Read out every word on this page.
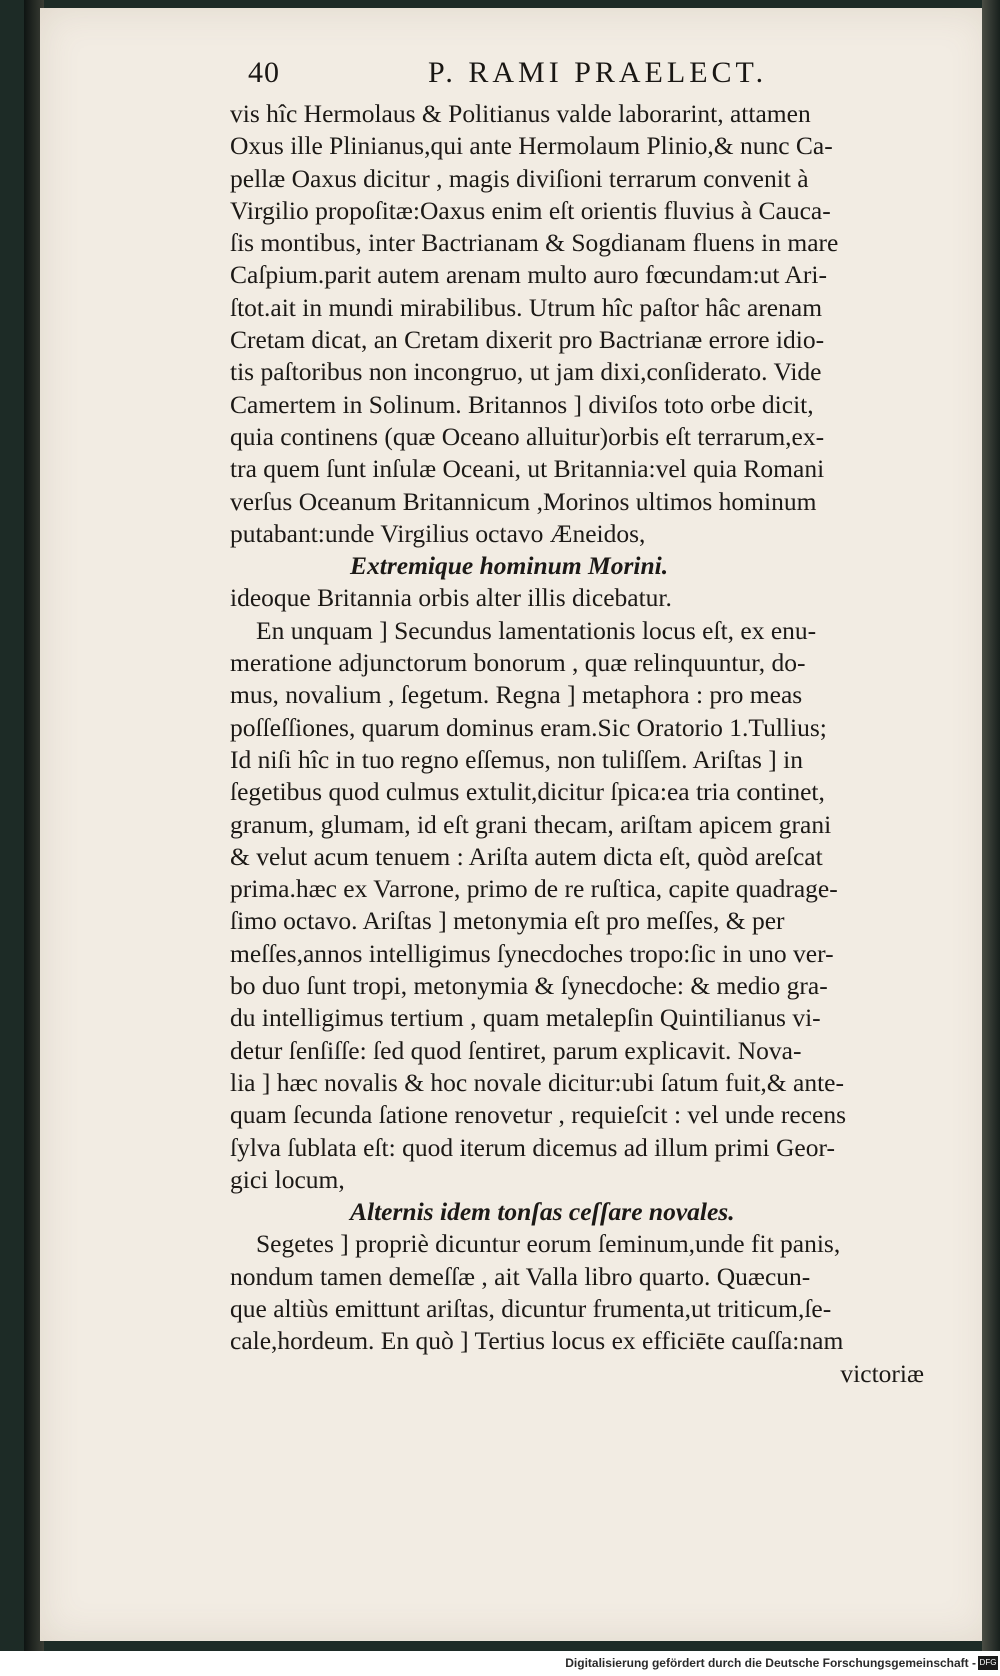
40	P. RAMI PRAELECT.
vis hîc Hermolaus & Politianus valde laborarint, attamen
Oxus ille Plinianus,qui ante Hermolaum Plinio,& nunc Ca-
pellæ Oaxus dicitur , magis diviſioni terrarum convenit à
Virgilio propoſitæ:Oaxus enim eſt orientis fluvius à Cauca-
ſis montibus, inter Bactrianam & Sogdianam fluens in mare
Caſpium.parit autem arenam multo auro fœcundam:ut Ari-
ſtot.ait in mundi mirabilibus. Utrum hîc paſtor hâc arenam
Cretam dicat, an Cretam dixerit pro Bactrianæ errore idio-
tis paſtoribus non incongruo, ut jam dixi,conſiderato. Vide
Camertem in Solinum. Britannos ] diviſos toto orbe dicit,
quia continens (quæ Oceano alluitur)orbis eſt terrarum,ex-
tra quem ſunt inſulæ Oceani, ut Britannia:vel quia Romani
verſus Oceanum Britannicum ,Morinos ultimos hominum
putabant:unde Virgilius octavo Æneidos,
Extremique hominum Morini.
ideoque Britannia orbis alter illis dicebatur.
En unquam ] Secundus lamentationis locus eſt, ex enu-
meratione adjunctorum bonorum , quæ relinquuntur, do-
mus, novalium , ſegetum. Regna ] metaphora : pro meas
poſſeſſiones, quarum dominus eram.Sic Oratorio 1.Tullius;
Id niſi hîc in tuo regno eſſemus, non tuliſſem. Ariſtas ] in
ſegetibus quod culmus extulit,dicitur ſpica:ea tria continet,
granum, glumam, id eſt grani thecam, ariſtam apicem grani
& velut acum tenuem : Ariſta autem dicta eſt, quòd areſcat
prima.hæc ex Varrone, primo de re ruſtica, capite quadrage-
ſimo octavo. Ariſtas ] metonymia eſt pro meſſes, & per
meſſes,annos intelligimus ſynecdoches tropo:ſic in uno ver-
bo duo ſunt tropi, metonymia & ſynecdoche: & medio gra-
du intelligimus tertium , quam metalepſin Quintilianus vi-
detur ſenſiſſe: ſed quod ſentiret, parum explicavit. Nova-
lia ] hæc novalis & hoc novale dicitur:ubi ſatum fuit,& ante-
quam ſecunda ſatione renovetur , requieſcit : vel unde recens
ſylva ſublata eſt: quod iterum dicemus ad illum primi Geor-
gici locum,
Alternis idem tonſas ceſſare novales.
Segetes ] propriè dicuntur eorum ſeminum,unde fit panis,
nondum tamen demeſſæ , ait Valla libro quarto. Quæcun-
que altiùs emittunt ariſtas, dicuntur frumenta,ut triticum,ſe-
cale,hordeum. En quò ] Tertius locus ex efficiēte cauſſa:nam
victoriæ
Digitalisierung gefördert durch die Deutsche Forschungsgemeinschaft - DFG
